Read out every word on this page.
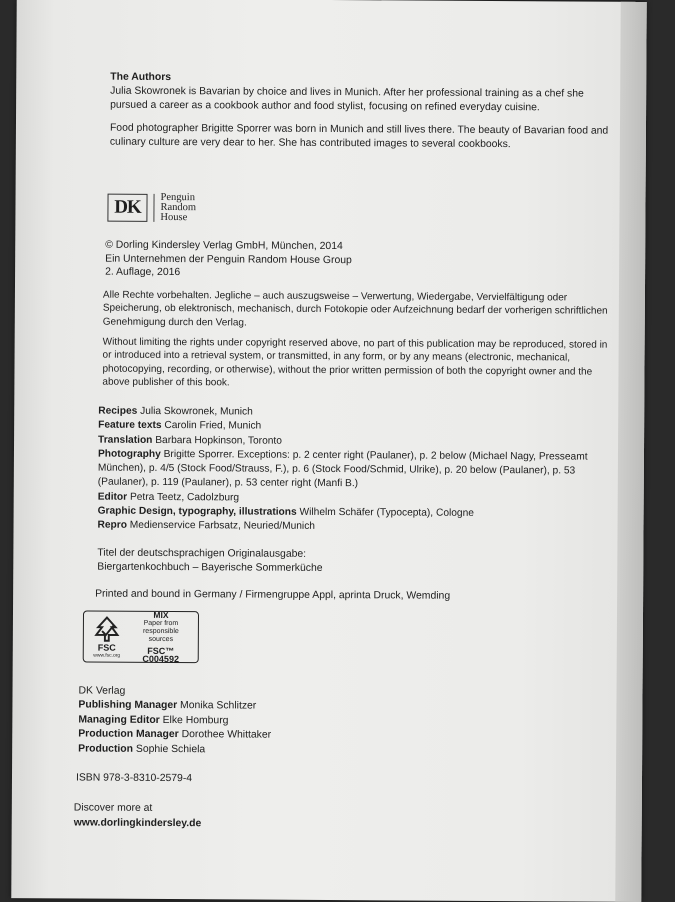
The Authors
Julia Skowronek is Bavarian by choice and lives in Munich. After her professional training as a chef she pursued a career as a cookbook author and food stylist, focusing on refined everyday cuisine.
Food photographer Brigitte Sporrer was born in Munich and still lives there. The beauty of Bavarian food and culinary culture are very dear to her. She has contributed images to several cookbooks.
DK	Penguin
Random
House
© Dorling Kindersley Verlag GmbH, München, 2014
Ein Unternehmen der Penguin Random House Group
2. Auflage, 2016
Alle Rechte vorbehalten. Jegliche – auch auszugsweise – Verwertung, Wiedergabe, Vervielfältigung oder Speicherung, ob elektronisch, mechanisch, durch Fotokopie oder Aufzeichnung bedarf der vorherigen schriftlichen Genehmigung durch den Verlag.
Without limiting the rights under copyright reserved above, no part of this publication may be reproduced, stored in or introduced into a retrieval system, or transmitted, in any form, or by any means (electronic, mechanical, photocopying, recording, or otherwise), without the prior written permission of both the copyright owner and the above publisher of this book.
Recipes Julia Skowronek, Munich
Feature texts Carolin Fried, Munich
Translation Barbara Hopkinson, Toronto
Photography Brigitte Sporrer. Exceptions: p. 2 center right (Paulaner), p. 2 below (Michael Nagy, Presseamt München), p. 4/5 (Stock Food/Strauss, F.), p. 6 (Stock Food/Schmid, Ulrike), p. 20 below (Paulaner), p. 53 (Paulaner), p. 119 (Paulaner), p. 53 center right (Manfi B.)
Editor Petra Teetz, Cadolzburg
Graphic Design, typography, illustrations Wilhelm Schäfer (Typocepta), Cologne
Repro Medienservice Farbsatz, Neuried/Munich
Titel der deutschsprachigen Originalausgabe:
Biergartenkochbuch – Bayerische Sommerküche
Printed and bound in Germany / Firmengruppe Appl, aprinta Druck, Wemding
FSC
www.fsc.org
MIX
Paper from
responsible sources
FSC™ C004592
DK Verlag
Publishing Manager Monika Schlitzer
Managing Editor Elke Homburg
Production Manager Dorothee Whittaker
Production Sophie Schiela
ISBN 978-3-8310-2579-4
Discover more at
www.dorlingkindersley.de
